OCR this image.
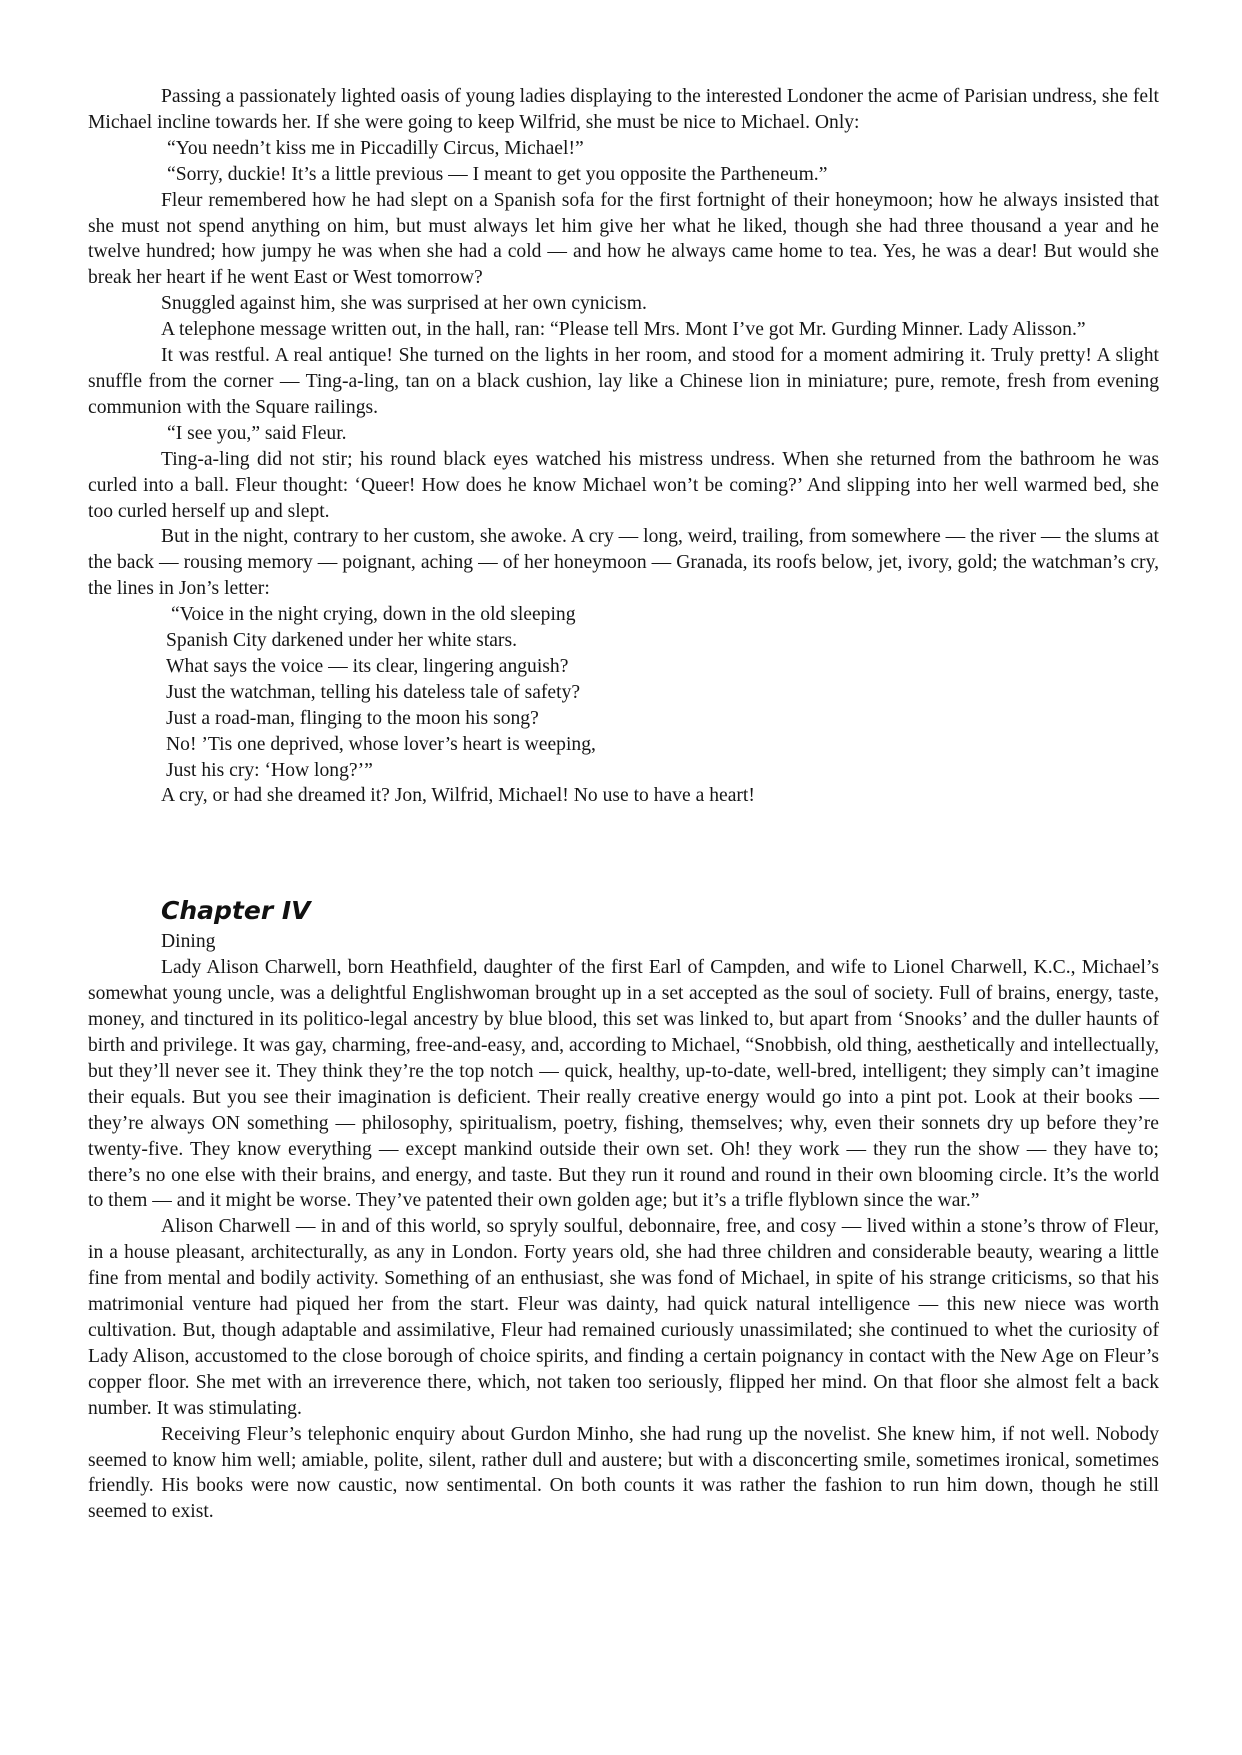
Passing a passionately lighted oasis of young ladies displaying to the interested Londoner the acme of Parisian undress, she felt Michael incline towards her. If she were going to keep Wilfrid, she must be nice to Michael. Only:

“You needn’t kiss me in Piccadilly Circus, Michael!”

“Sorry, duckie! It’s a little previous — I meant to get you opposite the Partheneum.”

Fleur remembered how he had slept on a Spanish sofa for the first fortnight of their honeymoon; how he always insisted that she must not spend anything on him, but must always let him give her what he liked, though she had three thousand a year and he twelve hundred; how jumpy he was when she had a cold — and how he always came home to tea. Yes, he was a dear! But would she break her heart if he went East or West tomorrow?

Snuggled against him, she was surprised at her own cynicism.

A telephone message written out, in the hall, ran: “Please tell Mrs. Mont I’ve got Mr. Gurding Minner. Lady Alisson.”

It was restful. A real antique! She turned on the lights in her room, and stood for a moment admiring it. Truly pretty! A slight snuffle from the corner — Ting-a-ling, tan on a black cushion, lay like a Chinese lion in miniature; pure, remote, fresh from evening communion with the Square railings.

“I see you,” said Fleur.

Ting-a-ling did not stir; his round black eyes watched his mistress undress. When she returned from the bathroom he was curled into a ball. Fleur thought: ‘Queer! How does he know Michael won’t be coming?’ And slipping into her well warmed bed, she too curled herself up and slept.

But in the night, contrary to her custom, she awoke. A cry — long, weird, trailing, from somewhere — the river — the slums at the back — rousing memory — poignant, aching — of her honeymoon — Granada, its roofs below, jet, ivory, gold; the watchman’s cry, the lines in Jon’s letter:

“Voice in the night crying, down in the old sleeping
Spanish City darkened under her white stars.
What says the voice — its clear, lingering anguish?
Just the watchman, telling his dateless tale of safety?
Just a road-man, flinging to the moon his song?
No! ’Tis one deprived, whose lover’s heart is weeping,
Just his cry: ‘How long?’”

A cry, or had she dreamed it? Jon, Wilfrid, Michael! No use to have a heart!

Chapter IV
Dining

Lady Alison Charwell, born Heathfield, daughter of the first Earl of Campden, and wife to Lionel Charwell, K.C., Michael’s somewhat young uncle, was a delightful Englishwoman brought up in a set accepted as the soul of society. Full of brains, energy, taste, money, and tinctured in its politico-legal ancestry by blue blood, this set was linked to, but apart from ‘Snooks’ and the duller haunts of birth and privilege. It was gay, charming, free-and-easy, and, according to Michael, “Snobbish, old thing, aesthetically and intellectually, but they’ll never see it. They think they’re the top notch — quick, healthy, up-to-date, well-bred, intelligent; they simply can’t imagine their equals. But you see their imagination is deficient. Their really creative energy would go into a pint pot. Look at their books — they’re always ON something — philosophy, spiritualism, poetry, fishing, themselves; why, even their sonnets dry up before they’re twenty-five. They know everything — except mankind outside their own set. Oh! they work — they run the show — they have to; there’s no one else with their brains, and energy, and taste. But they run it round and round in their own blooming circle. It’s the world to them — and it might be worse. They’ve patented their own golden age; but it’s a trifle flyblown since the war.”

Alison Charwell — in and of this world, so spryly soulful, debonnaire, free, and cosy — lived within a stone’s throw of Fleur, in a house pleasant, architecturally, as any in London. Forty years old, she had three children and considerable beauty, wearing a little fine from mental and bodily activity. Something of an enthusiast, she was fond of Michael, in spite of his strange criticisms, so that his matrimonial venture had piqued her from the start. Fleur was dainty, had quick natural intelligence — this new niece was worth cultivation. But, though adaptable and assimilative, Fleur had remained curiously unassimilated; she continued to whet the curiosity of Lady Alison, accustomed to the close borough of choice spirits, and finding a certain poignancy in contact with the New Age on Fleur’s copper floor. She met with an irreverence there, which, not taken too seriously, flipped her mind. On that floor she almost felt a back number. It was stimulating.

Receiving Fleur’s telephonic enquiry about Gurdon Minho, she had rung up the novelist. She knew him, if not well. Nobody seemed to know him well; amiable, polite, silent, rather dull and austere; but with a disconcerting smile, sometimes ironical, sometimes friendly. His books were now caustic, now sentimental. On both counts it was rather the fashion to run him down, though he still seemed to exist.
